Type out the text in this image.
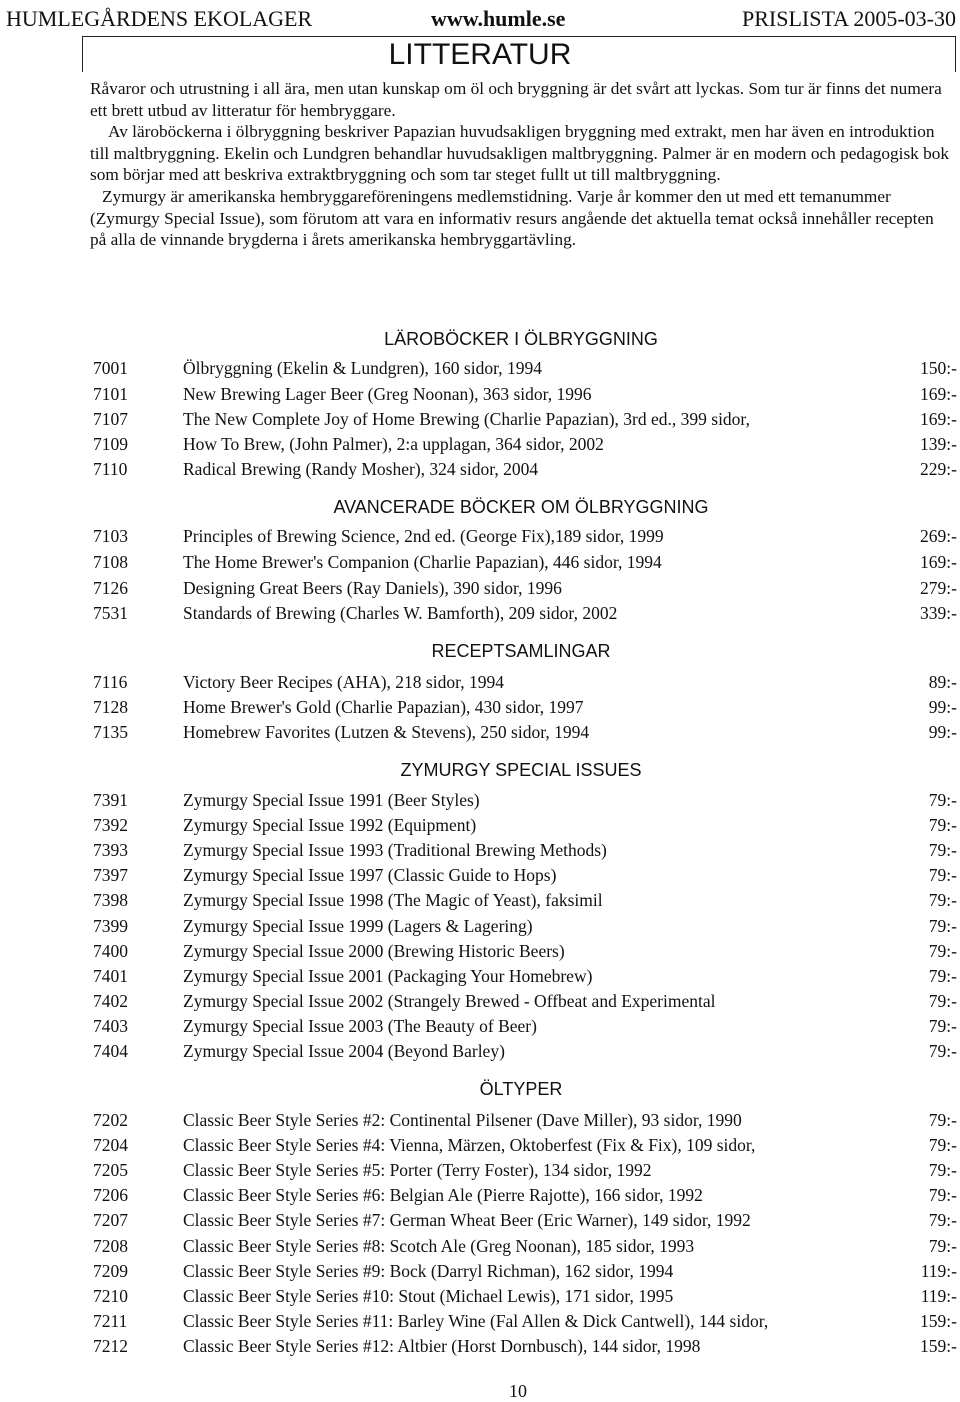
HUMLEGÅRDENS EKOLAGER	www.humle.se	PRISLISTA 2005-03-30
LITTERATUR

Råvaror och utrustning i all ära, men utan kunskap om öl och bryggning är det svårt att lyckas. Som tur är finns det numera ett brett utbud av litteratur för hembryggare.

Av läroböckerna i ölbryggning beskriver Papazian huvudsakligen bryggning med extrakt, men har även en introduktion till maltbryggning. Ekelin och Lundgren behandlar huvudsakligen maltbryggning. Palmer är en modern och pedagogisk bok som börjar med att beskriva extraktbryggning och som tar steget fullt ut till maltbryggning.

Zymurgy är amerikanska hembryggareföreningens medlemstidning. Varje år kommer den ut med ett temanummer (Zymurgy Special Issue), som förutom att vara en informativ resurs angående det aktuella temat också innehåller recepten på alla de vinnande brygderna i årets amerikanska hembryggartävling.

LÄROBÖCKER I ÖLBRYGGNING
7001	Ölbryggning (Ekelin & Lundgren), 160 sidor, 1994	150:-
7101	New Brewing Lager Beer (Greg Noonan), 363 sidor, 1996	169:-
7107	The New Complete Joy of Home Brewing (Charlie Papazian), 3rd ed., 399 sidor,	169:-
7109	How To Brew, (John Palmer), 2:a upplagan, 364 sidor, 2002	139:-
7110	Radical Brewing (Randy Mosher), 324 sidor, 2004	229:-
AVANCERADE BÖCKER OM ÖLBRYGGNING
7103	Principles of Brewing Science, 2nd ed. (George Fix),189 sidor, 1999	269:-
7108	The Home Brewer's Companion (Charlie Papazian), 446 sidor, 1994	169:-
7126	Designing Great Beers (Ray Daniels), 390 sidor, 1996	279:-
7531	Standards of Brewing (Charles W. Bamforth), 209 sidor, 2002	339:-
RECEPTSAMLINGAR
7116	Victory Beer Recipes (AHA), 218 sidor, 1994	89:-
7128	Home Brewer's Gold (Charlie Papazian), 430 sidor, 1997	99:-
7135	Homebrew Favorites (Lutzen & Stevens), 250 sidor, 1994	99:-
ZYMURGY SPECIAL ISSUES
7391	Zymurgy Special Issue 1991 (Beer Styles)	79:-
7392	Zymurgy Special Issue 1992 (Equipment)	79:-
7393	Zymurgy Special Issue 1993 (Traditional Brewing Methods)	79:-
7397	Zymurgy Special Issue 1997 (Classic Guide to Hops)	79:-
7398	Zymurgy Special Issue 1998 (The Magic of Yeast), faksimil	79:-
7399	Zymurgy Special Issue 1999 (Lagers & Lagering)	79:-
7400	Zymurgy Special Issue 2000 (Brewing Historic Beers)	79:-
7401	Zymurgy Special Issue 2001 (Packaging Your Homebrew)	79:-
7402	Zymurgy Special Issue 2002 (Strangely Brewed - Offbeat and Experimental	79:-
7403	Zymurgy Special Issue 2003 (The Beauty of Beer)	79:-
7404	Zymurgy Special Issue 2004 (Beyond Barley)	79:-
ÖLTYPER
7202	Classic Beer Style Series #2: Continental Pilsener (Dave Miller), 93 sidor, 1990	79:-
7204	Classic Beer Style Series #4: Vienna, Märzen, Oktoberfest (Fix & Fix), 109 sidor,	79:-
7205	Classic Beer Style Series #5: Porter (Terry Foster), 134 sidor, 1992	79:-
7206	Classic Beer Style Series #6: Belgian Ale (Pierre Rajotte), 166 sidor, 1992	79:-
7207	Classic Beer Style Series #7: German Wheat Beer (Eric Warner), 149 sidor, 1992	79:-
7208	Classic Beer Style Series #8: Scotch Ale (Greg Noonan), 185 sidor, 1993	79:-
7209	Classic Beer Style Series #9: Bock (Darryl Richman), 162 sidor, 1994	119:-
7210	Classic Beer Style Series #10: Stout (Michael Lewis), 171 sidor, 1995	119:-
7211	Classic Beer Style Series #11: Barley Wine (Fal Allen & Dick Cantwell), 144 sidor,	159:-
7212	Classic Beer Style Series #12: Altbier (Horst Dornbusch), 144 sidor, 1998	159:-
10
